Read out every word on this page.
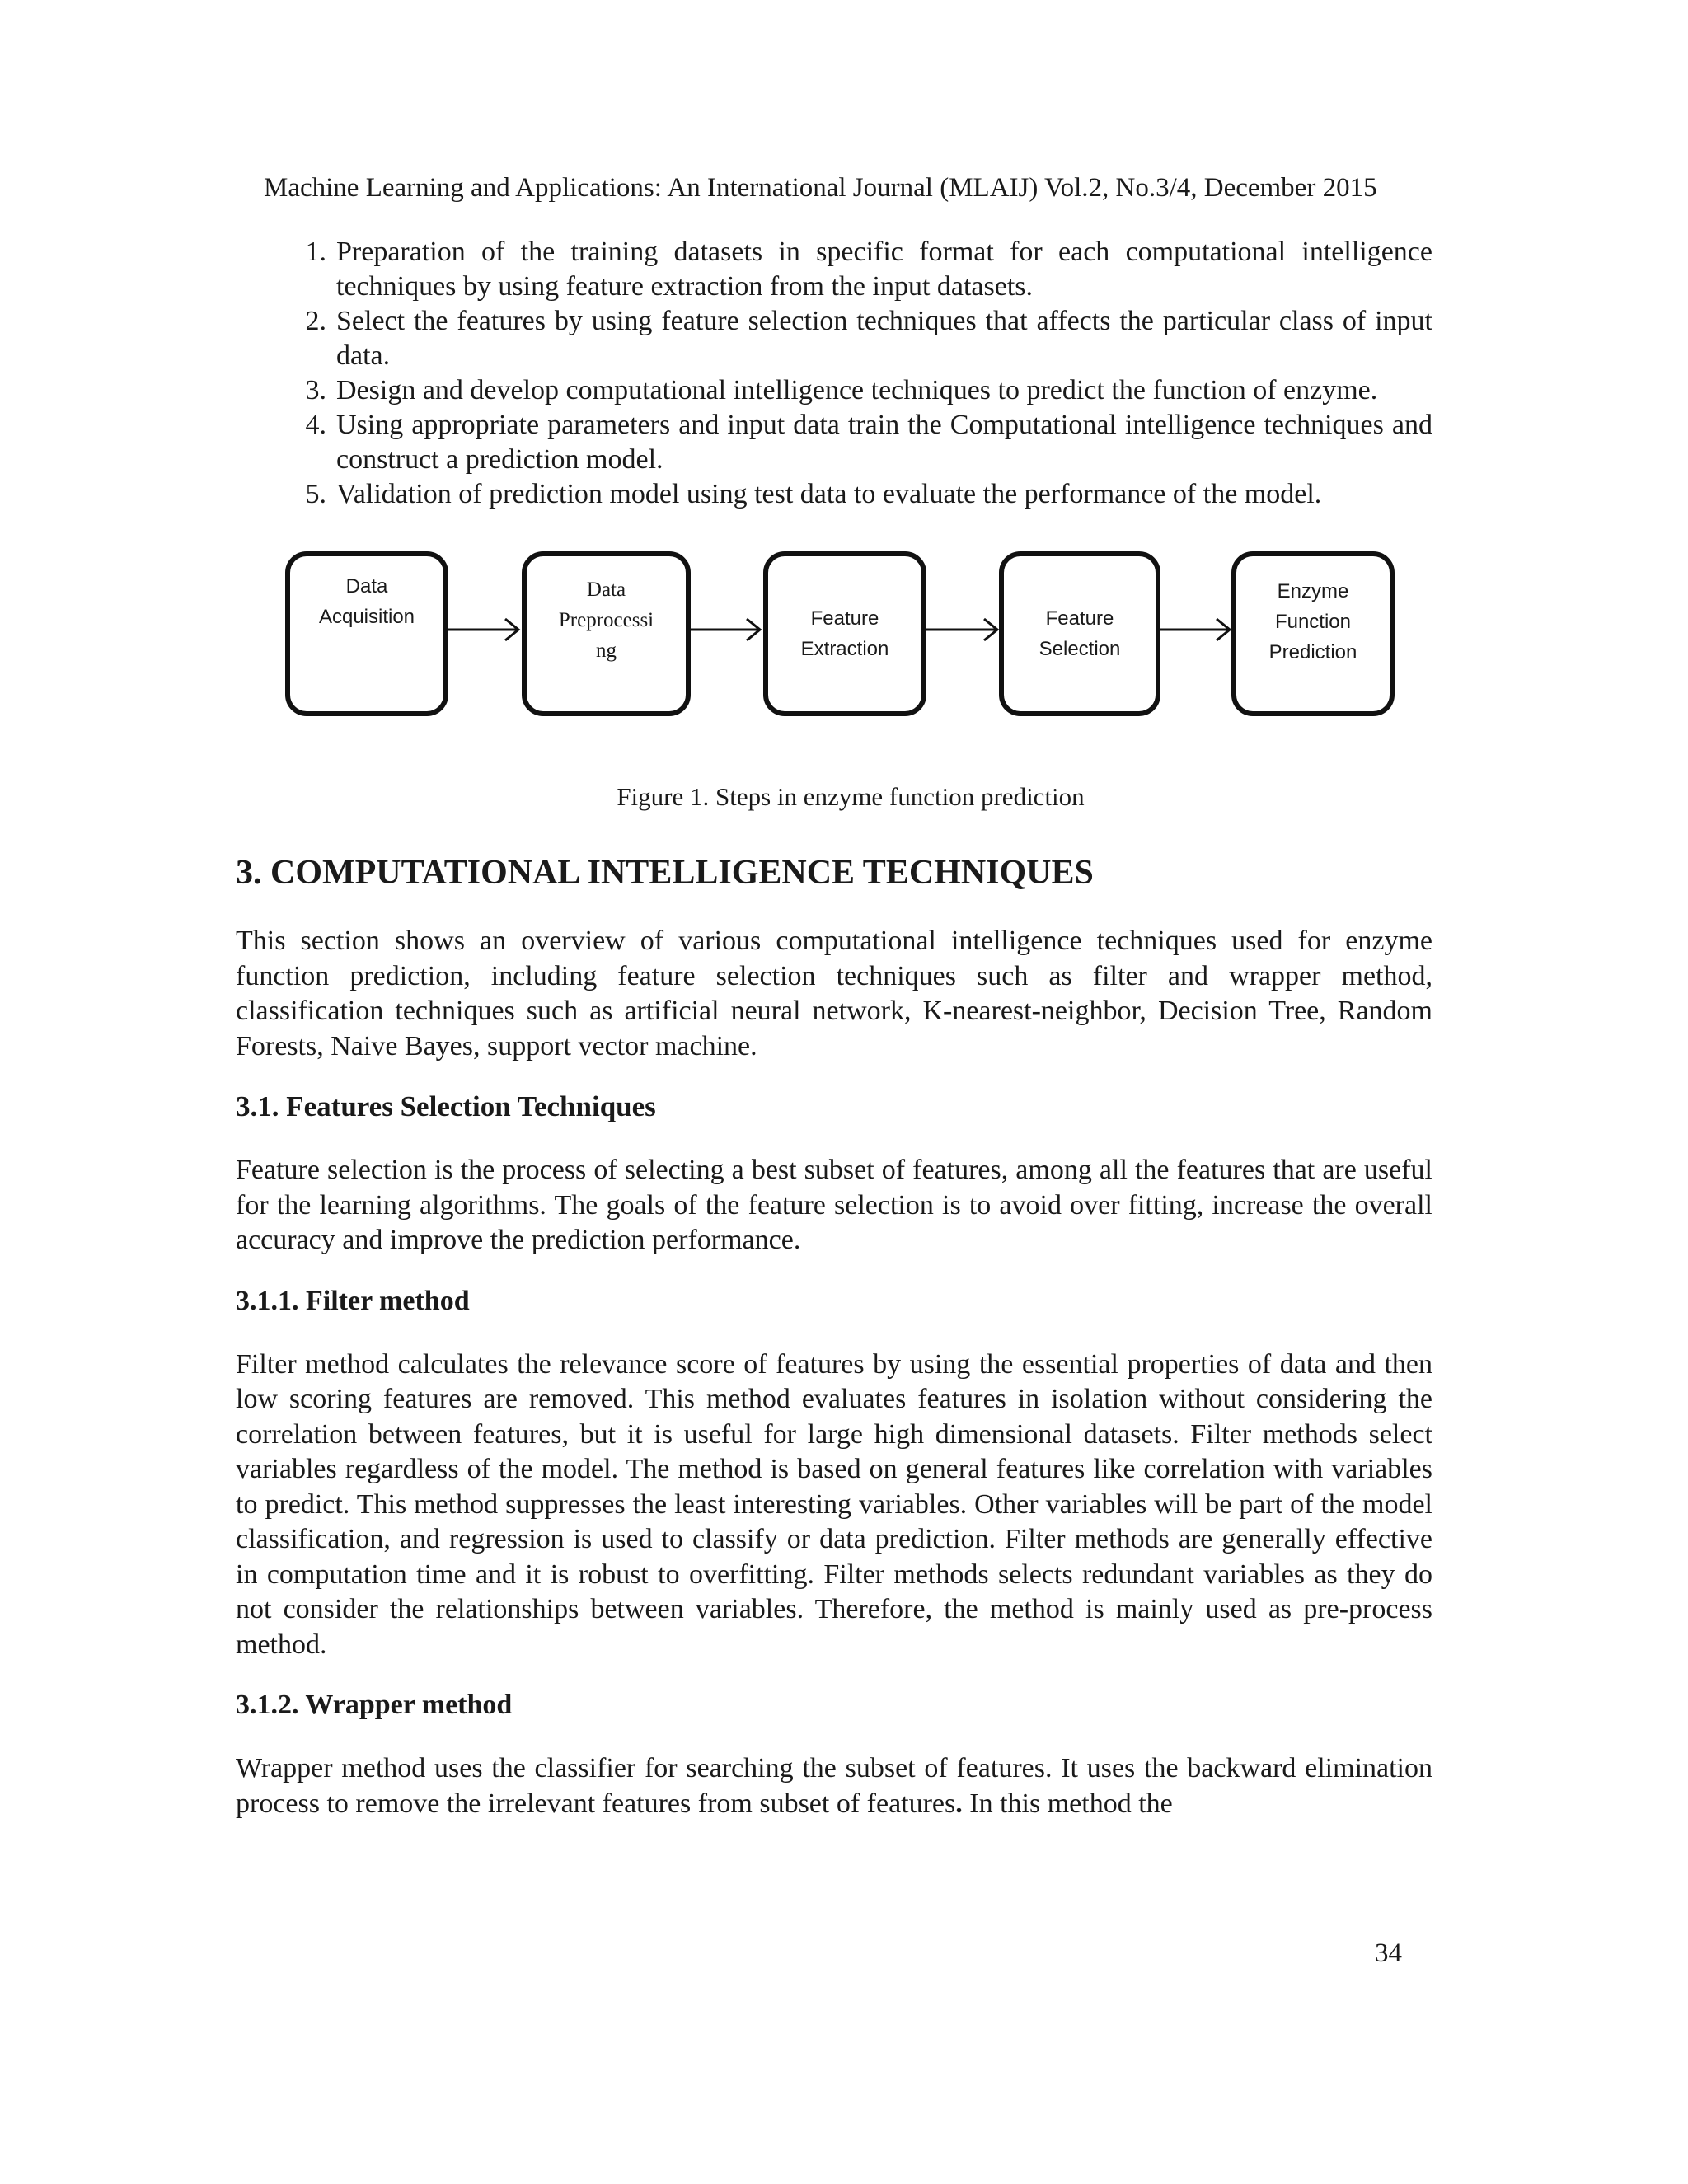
Machine Learning and Applications: An International Journal (MLAIJ) Vol.2, No.3/4, December 2015
1. Preparation of the training datasets in specific format for each computational intelligence techniques by using feature extraction from the input datasets.
2. Select the features by using feature selection techniques that affects the particular class of input data.
3. Design and develop computational intelligence techniques to predict the function of enzyme.
4. Using appropriate parameters and input data train the Computational intelligence techniques and construct a prediction model.
5. Validation of prediction model using test data to evaluate the performance of the model.
Data
Acquisition
Data
Preprocessi
ng
Feature
Extraction
Feature
Selection
Enzyme
Function
Prediction
Figure 1. Steps in enzyme function prediction
3. COMPUTATIONAL INTELLIGENCE TECHNIQUES

This section shows an overview of various computational intelligence techniques used for enzyme function prediction, including feature selection techniques such as filter and wrapper method, classification techniques such as artificial neural network, K-nearest-neighbor, Decision Tree, Random Forests, Naive Bayes, support vector machine.

3.1. Features Selection Techniques

Feature selection is the process of selecting a best subset of features, among all the features that are useful for the learning algorithms. The goals of the feature selection is to avoid over fitting, increase the overall accuracy and improve the prediction performance.

3.1.1. Filter method

Filter method calculates the relevance score of features by using the essential properties of data and then low scoring features are removed. This method evaluates features in isolation without considering the correlation between features, but it is useful for large high dimensional datasets. Filter methods select variables regardless of the model. The method is based on general features like correlation with variables to predict. This method suppresses the least interesting variables. Other variables will be part of the model classification, and regression is used to classify or data prediction. Filter methods are generally effective in computation time and it is robust to overfitting. Filter methods selects redundant variables as they do not consider the relationships between variables. Therefore, the method is mainly used as pre-process method.

3.1.2. Wrapper method

Wrapper method uses the classifier for searching the subset of features. It uses the backward elimination process to remove the irrelevant features from subset of features. In this method the

34
